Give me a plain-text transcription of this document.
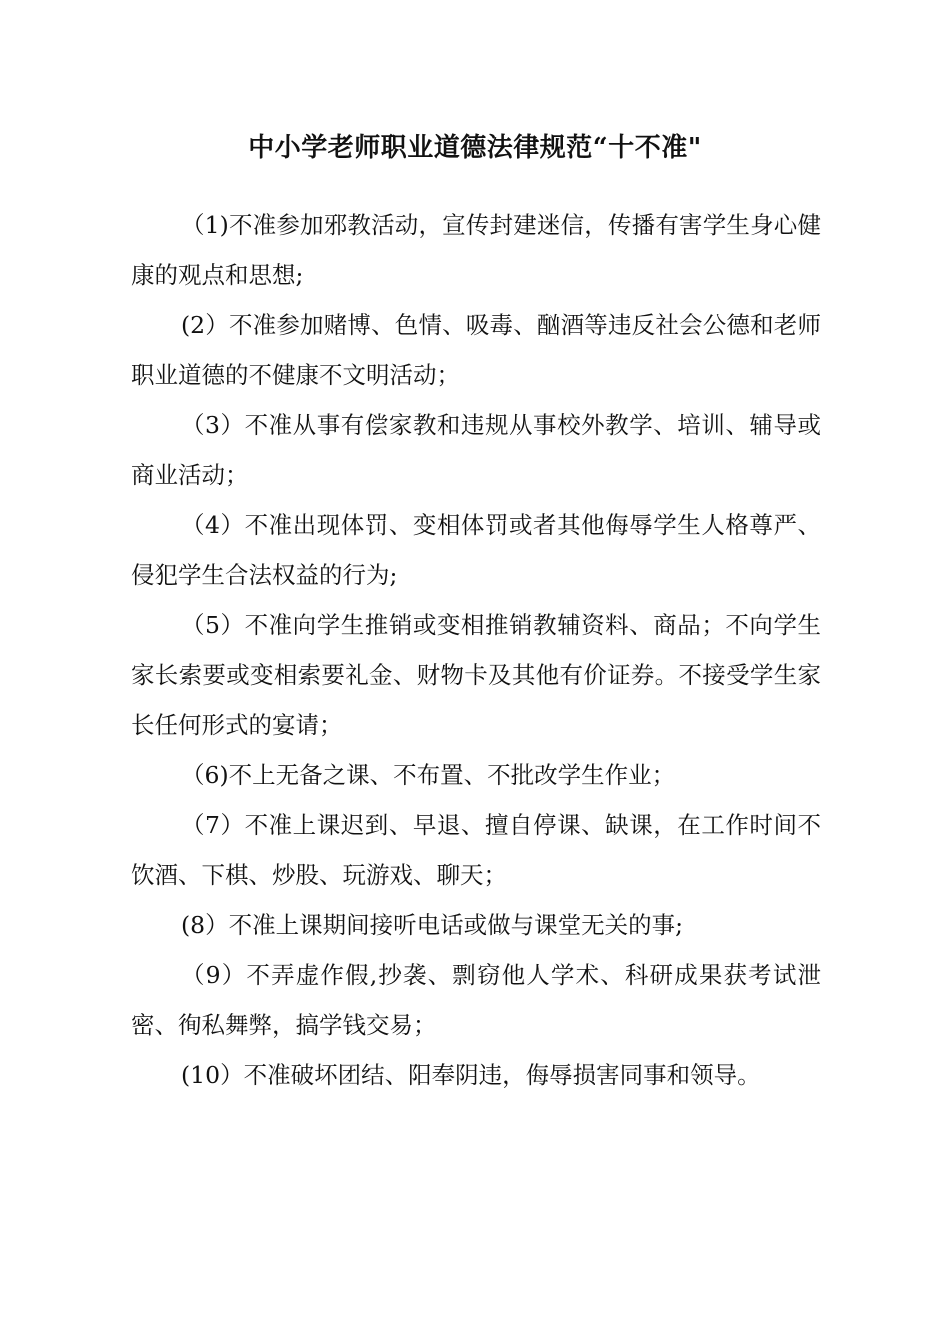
中小学老师职业道德法律规范“十不准"

（1)不准参加邪教活动，宣传封建迷信，传播有害学生身心健康的观点和思想;

(2）不准参加赌博、色情、吸毒、酗酒等违反社会公德和老师职业道德的不健康不文明活动；

（3）不准从事有偿家教和违规从事校外教学、培训、辅导或商业活动；

（4）不准出现体罚、变相体罚或者其他侮辱学生人格尊严、侵犯学生合法权益的行为;

（5）不准向学生推销或变相推销教辅资料、商品；不向学生家长索要或变相索要礼金、财物卡及其他有价证券。不接受学生家长任何形式的宴请；

（6)不上无备之课、不布置、不批改学生作业；

（7）不准上课迟到、早退、擅自停课、缺课，在工作时间不饮酒、下棋、炒股、玩游戏、聊天；

(8）不准上课期间接听电话或做与课堂无关的事;

（9）不弄虚作假,抄袭、剽窃他人学术、科研成果获考试泄密、徇私舞弊，搞学钱交易；

(10）不准破坏团结、阳奉阴违，侮辱损害同事和领导。
